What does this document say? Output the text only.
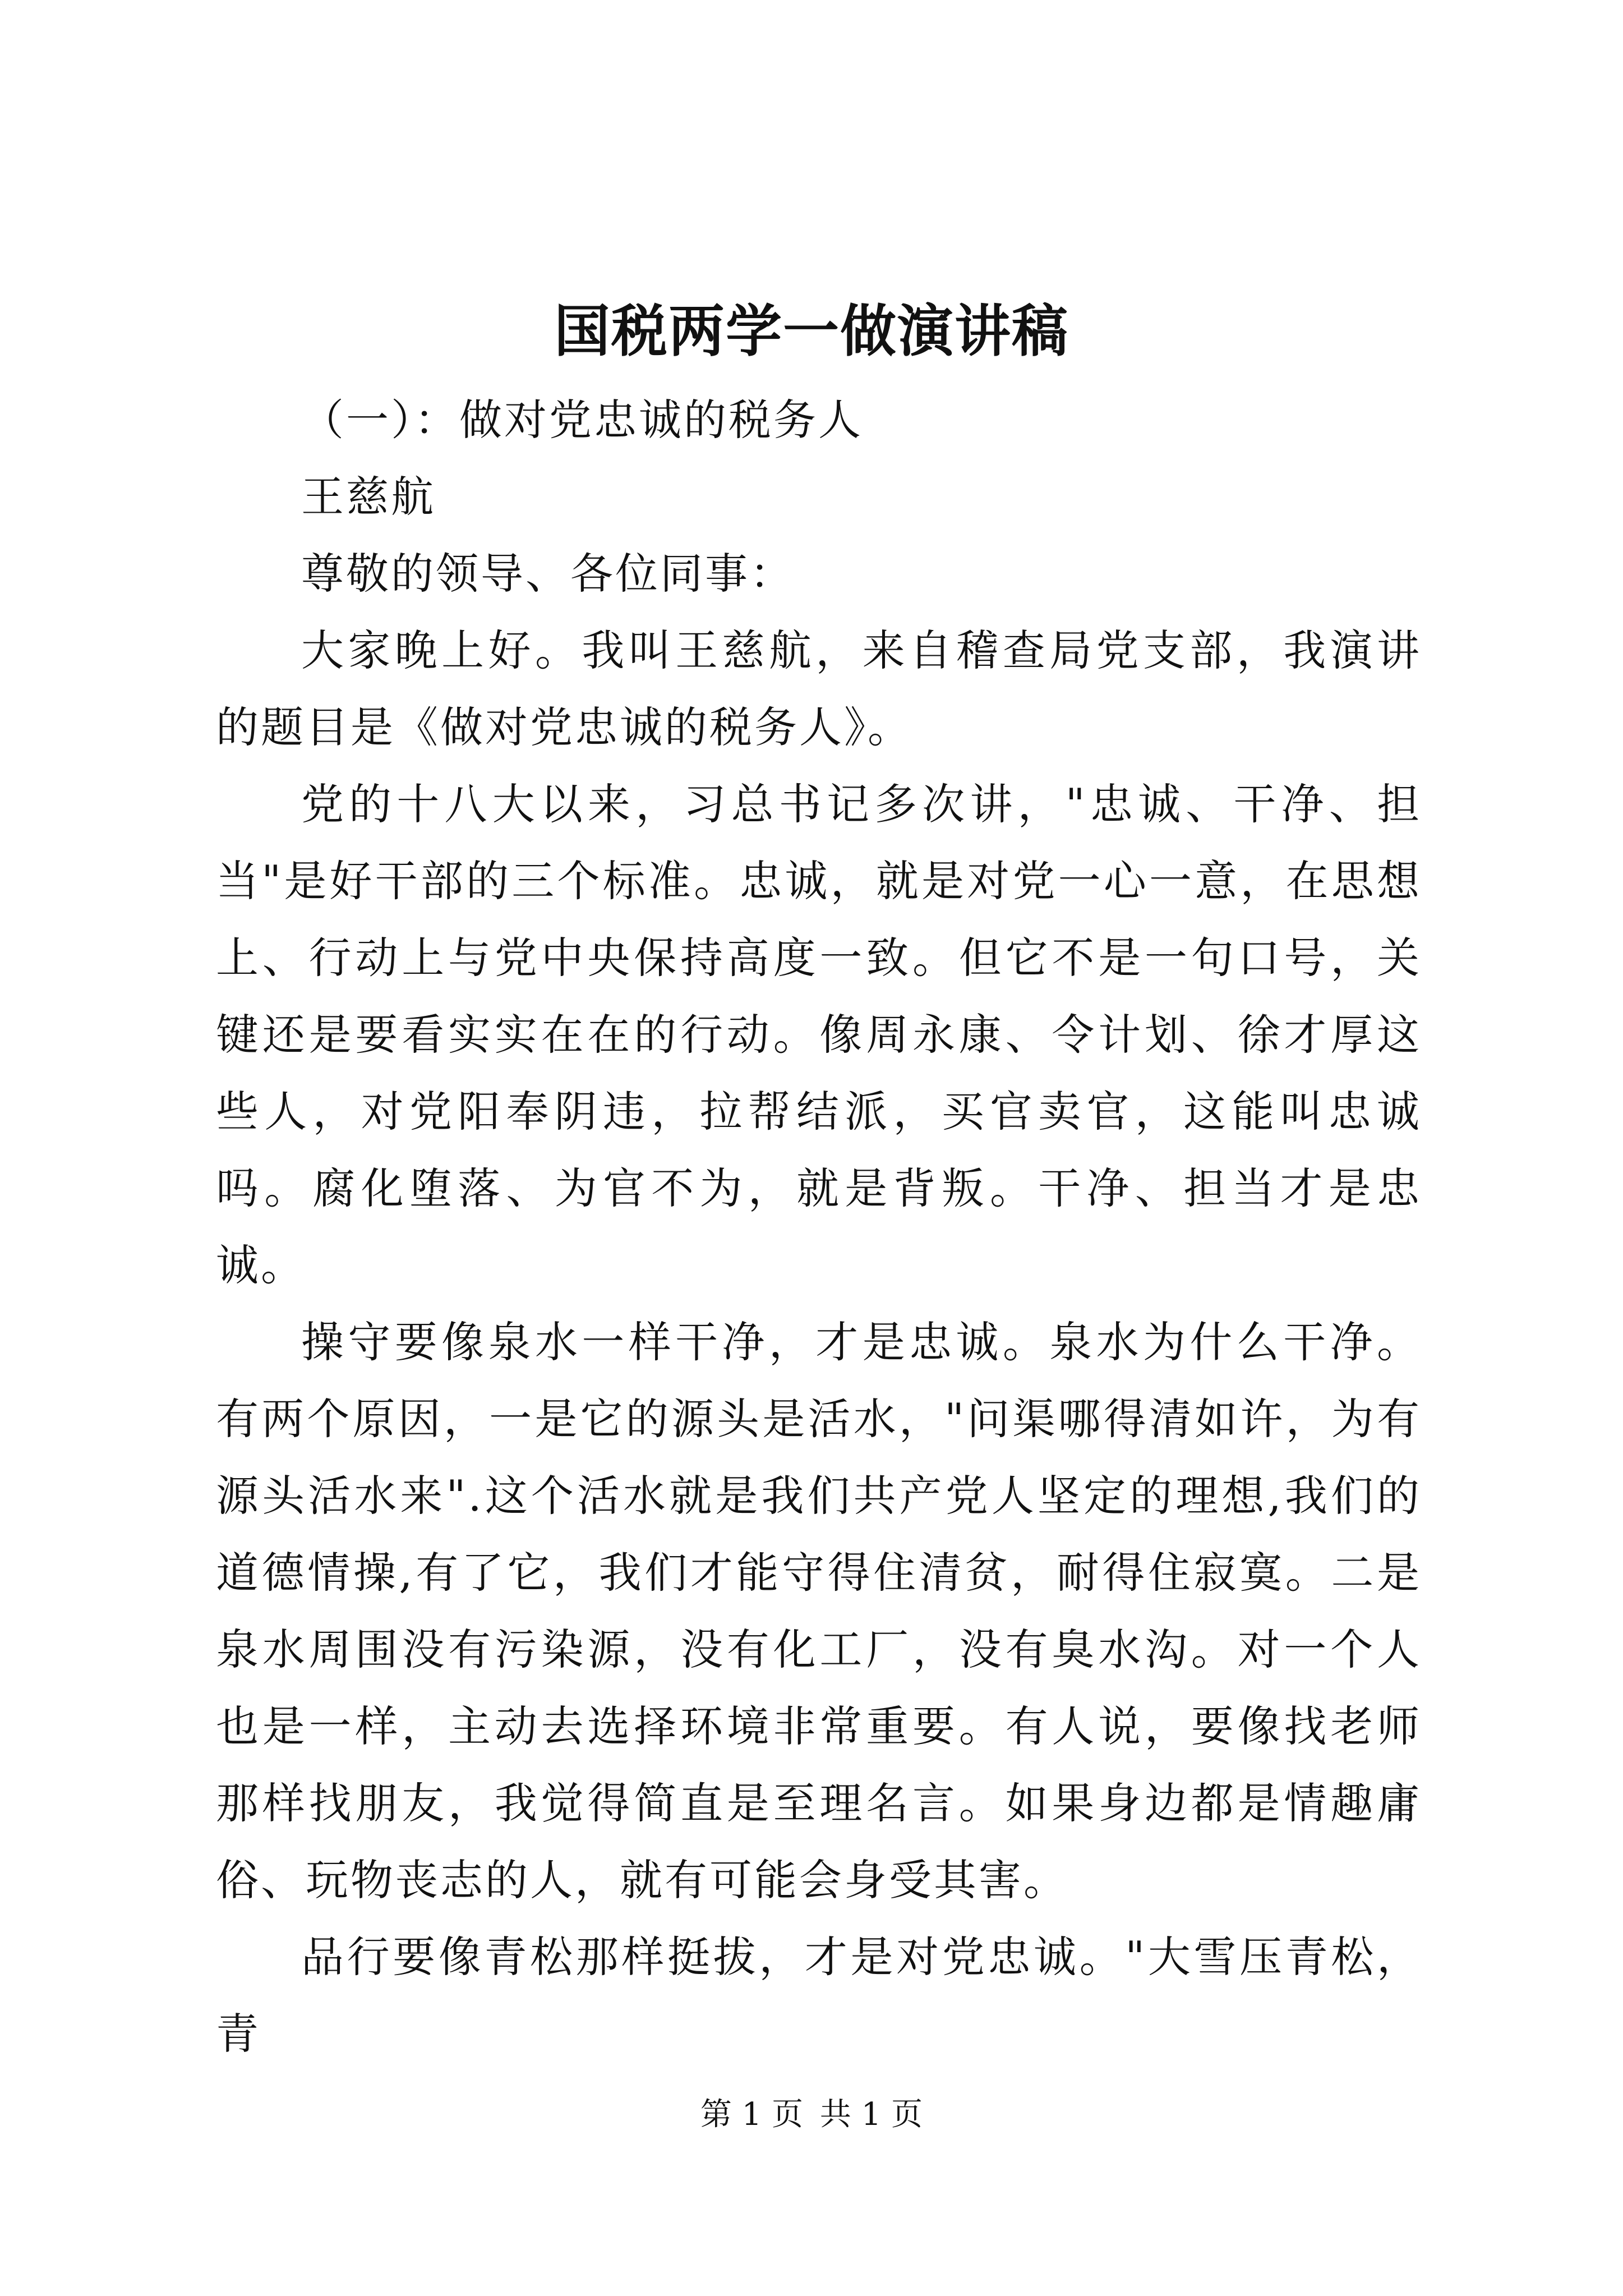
国税两学一做演讲稿

（一）：做对党忠诚的税务人

王慈航

尊敬的领导、各位同事：

大家晚上好。我叫王慈航，来自稽查局党支部，我演讲的题目是《做对党忠诚的税务人》。

党的十八大以来，习总书记多次讲，"忠诚、干净、担当"是好干部的三个标准。忠诚，就是对党一心一意，在思想上、行动上与党中央保持高度一致。但它不是一句口号，关键还是要看实实在在的行动。像周永康、令计划、徐才厚这些人，对党阳奉阴违，拉帮结派，买官卖官，这能叫忠诚吗。腐化堕落、为官不为，就是背叛。干净、担当才是忠诚。

操守要像泉水一样干净，才是忠诚。泉水为什么干净。有两个原因，一是它的源头是活水，"问渠哪得清如许，为有源头活水来".这个活水就是我们共产党人坚定的理想,我们的道德情操,有了它，我们才能守得住清贫，耐得住寂寞。二是泉水周围没有污染源，没有化工厂，没有臭水沟。对一个人也是一样，主动去选择环境非常重要。有人说，要像找老师那样找朋友，我觉得简直是至理名言。如果身边都是情趣庸俗、玩物丧志的人，就有可能会身受其害。

品行要像青松那样挺拔，才是对党忠诚。"大雪压青松，青

第 1 页 共 1 页
